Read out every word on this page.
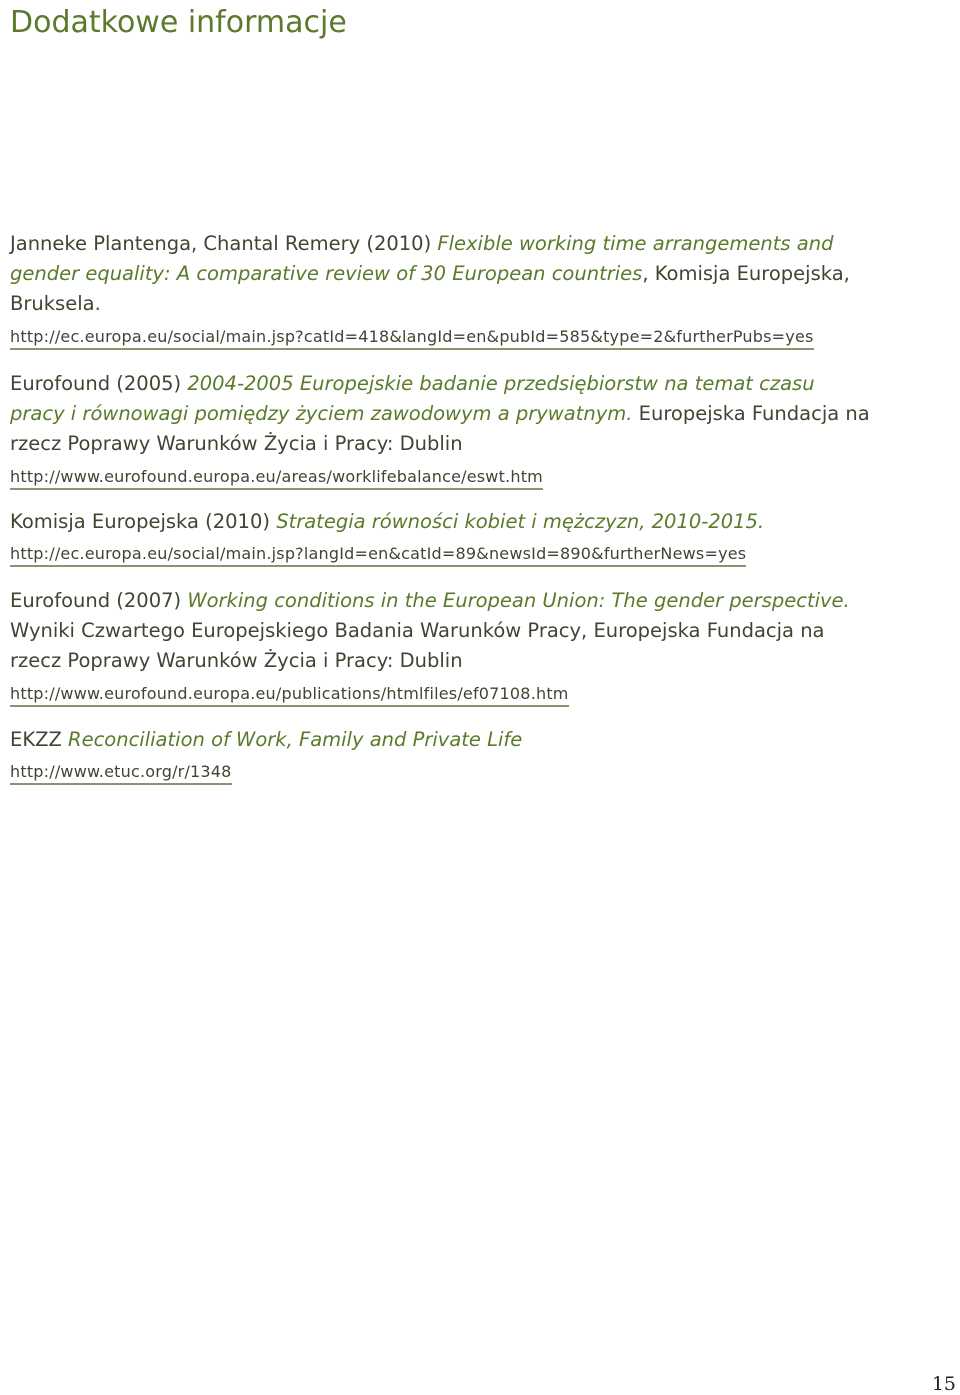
Dodatkowe informacje

Janneke Plantenga, Chantal Remery (2010) Flexible working time arrangements and gender equality: A comparative review of 30 European countries, Komisja Europejska, Bruksela.

http://ec.europa.eu/social/main.jsp?catId=418&langId=en&pubId=585&type=2&furtherPubs=yes

Eurofound (2005) 2004-2005 Europejskie badanie przedsiębiorstw na temat czasu pracy i równowagi pomiędzy życiem zawodowym a prywatnym. Europejska Fundacja na rzecz Poprawy Warunków Życia i Pracy: Dublin

http://www.eurofound.europa.eu/areas/worklifebalance/eswt.htm

Komisja Europejska (2010) Strategia równości kobiet i mężczyzn, 2010-2015.

http://ec.europa.eu/social/main.jsp?langId=en&catId=89&newsId=890&furtherNews=yes

Eurofound (2007) Working conditions in the European Union: The gender perspective. Wyniki Czwartego Europejskiego Badania Warunków Pracy, Europejska Fundacja na rzecz Poprawy Warunków Życia i Pracy: Dublin

http://www.eurofound.europa.eu/publications/htmlfiles/ef07108.htm

EKZZ Reconciliation of Work, Family and Private Life

http://www.etuc.org/r/1348

15
